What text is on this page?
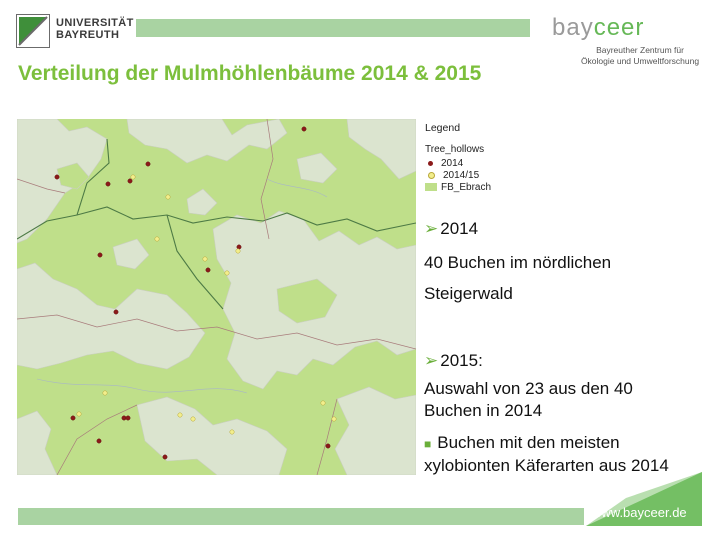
UNIVERSITÄT
BAYREUTH	bayceer
Bayreuther Zentrum für
Ökologie und Umweltforschung
Verteilung der Mulmhöhlenbäume 2014 & 2015
Legend
Tree_hollows
2014
2014/15
FB_Ebrach
➢ 2014
40 Buchen im nördlichen
Steigerwald
➢ 2015:
Auswahl von 23 aus den 40
Buchen in 2014
■ Buchen mit den meisten
xylobionten Käferarten aus 2014
www.bayceer.de
